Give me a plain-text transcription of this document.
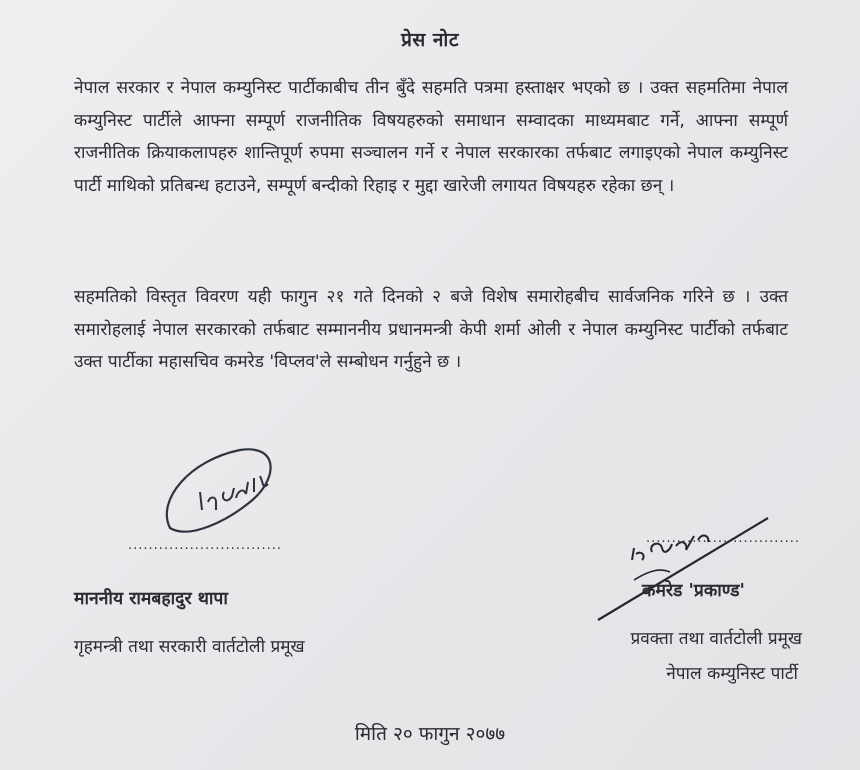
प्रेस नोट

नेपाल सरकार र नेपाल कम्युनिस्ट पार्टीकाबीच तीन बुँदे सहमति पत्रमा हस्ताक्षर भएको छ । उक्त सहमतिमा नेपाल कम्युनिस्ट पार्टीले आफ्ना सम्पूर्ण राजनीतिक विषयहरुको समाधान सम्वादका माध्यमबाट गर्ने, आफ्ना सम्पूर्ण राजनीतिक क्रियाकलापहरु शान्तिपूर्ण रुपमा सञ्चालन गर्ने र नेपाल सरकारका तर्फबाट लगाइएको नेपाल कम्युनिस्ट पार्टी माथिको प्रतिबन्ध हटाउने, सम्पूर्ण बन्दीको रिहाइ र मुद्दा खारेजी लगायत विषयहरु रहेका छन् ।

सहमतिको विस्तृत विवरण यही फागुन २१ गते दिनको २ बजे विशेष समारोहबीच सार्वजनिक गरिने छ । उक्त समारोहलाई नेपाल सरकारको तर्फबाट सम्माननीय प्रधानमन्त्री केपी शर्मा ओली र नेपाल कम्युनिस्ट पार्टीको तर्फबाट उक्त पार्टीका महासचिव कमरेड 'विप्लव'ले सम्बोधन गर्नुहुने छ ।

..............................	..............................
माननीय रामबहादुर थापा
गृहमन्त्री तथा सरकारी वार्तटोली प्रमूख
कमरेड 'प्रकाण्ड'
प्रवक्ता तथा वार्तटोली प्रमूख
नेपाल कम्युनिस्ट पार्टी
मिति २० फागुन २०७७
